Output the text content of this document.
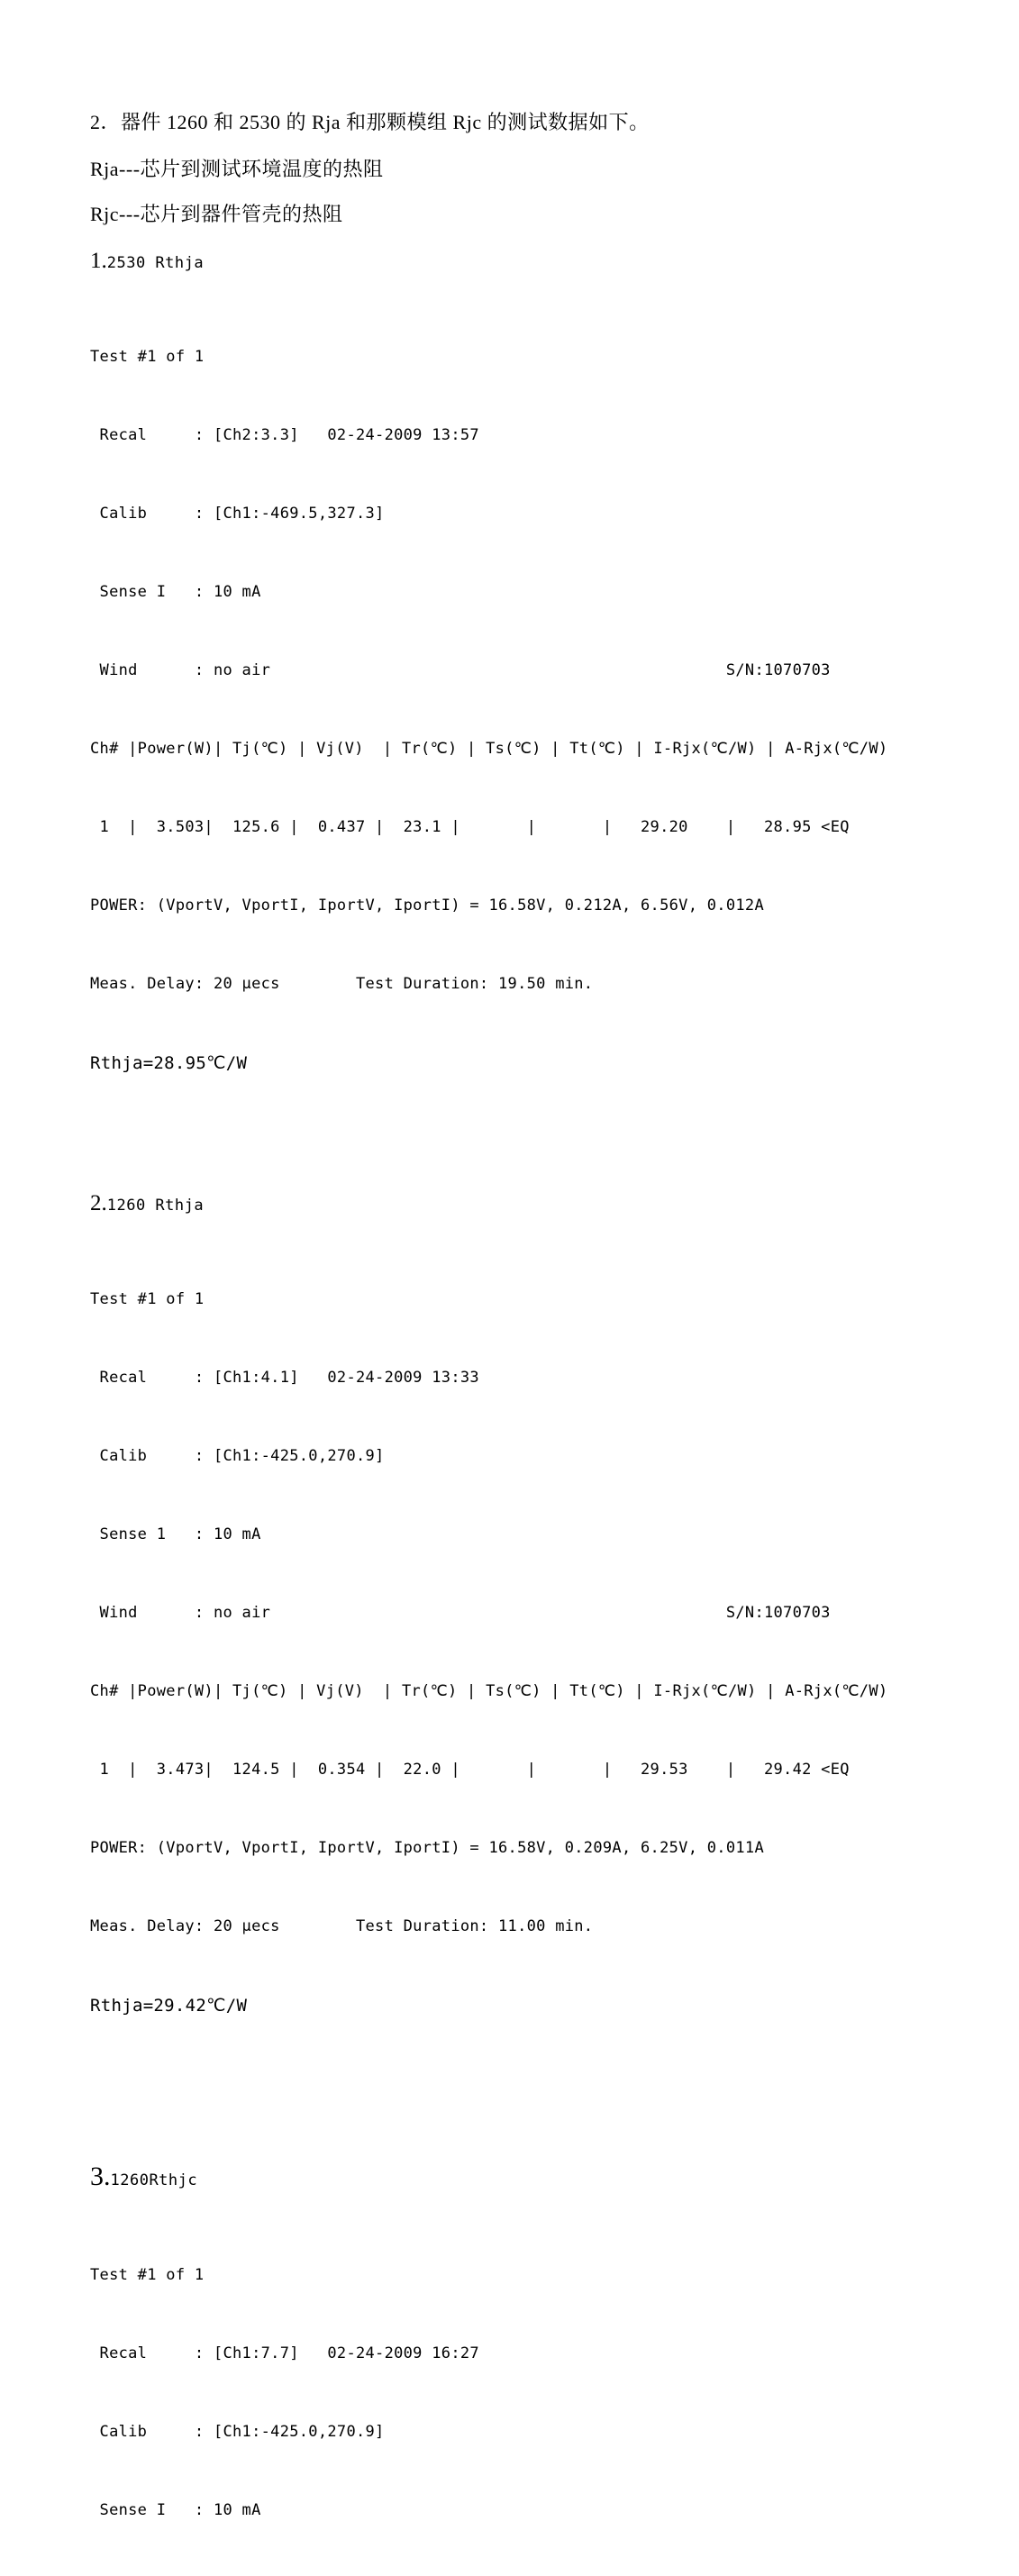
2．器件 1260 和 2530 的 Rja 和那颗模组 Rjc 的测试数据如下。

Rja---芯片到测试环境温度的热阻

Rjc---芯片到器件管壳的热阻

1.2530 Rthja

Test #1 of 1

Recal     : [Ch2:3.3]   02-24-2009 13:57

Calib     : [Ch1:-469.5,327.3]

Sense I   : 10 mA

Wind      : no air                                                S/N:1070703

Ch# |Power(W)| Tj(℃) | Vj(V)  | Tr(℃) | Ts(℃) | Tt(℃) | I-Rjx(℃/W) | A-Rjx(℃/W)

1  |  3.503|  125.6 |  0.437 |  23.1 |       |       |   29.20    |   28.95 <EQ

POWER: (VportV, VportI, IportV, IportI) = 16.58V, 0.212A, 6.56V, 0.012A

Meas. Delay: 20 μecs        Test Duration: 19.50 min.

Rthja=28.95℃/W
2.1260 Rthja

Test #1 of 1

Recal     : [Ch1:4.1]   02-24-2009 13:33

Calib     : [Ch1:-425.0,270.9]

Sense 1   : 10 mA

Wind      : no air                                                S/N:1070703

Ch# |Power(W)| Tj(℃) | Vj(V)  | Tr(℃) | Ts(℃) | Tt(℃) | I-Rjx(℃/W) | A-Rjx(℃/W)

1  |  3.473|  124.5 |  0.354 |  22.0 |       |       |   29.53    |   29.42 <EQ

POWER: (VportV, VportI, IportV, IportI) = 16.58V, 0.209A, 6.25V, 0.011A

Meas. Delay: 20 μecs        Test Duration: 11.00 min.

Rthja=29.42℃/W
3.1260Rthjc

Test #1 of 1

Recal     : [Ch1:7.7]   02-24-2009 16:27

Calib     : [Ch1:-425.0,270.9]

Sense I   : 10 mA
